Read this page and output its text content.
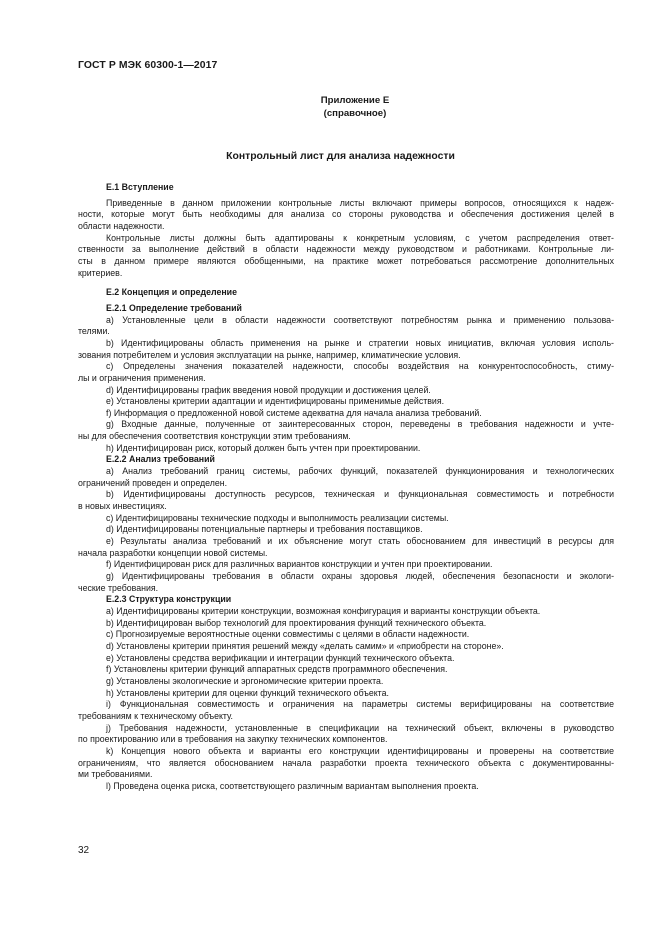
ГОСТ Р МЭК 60300-1—2017
Приложение Е
(справочное)
Контрольный лист для анализа надежности
Е.1 Вступление
Приведенные в данном приложении контрольные листы включают примеры вопросов, относящихся к надеж-
ности, которые могут быть необходимы для анализа со стороны руководства и обеспечения достижения целей в
области надежности.
Контрольные листы должны быть адаптированы к конкретным условиям, с учетом распределения ответ-
ственности за выполнение действий в области надежности между руководством и работниками. Контрольные ли-
сты в данном примере являются обобщенными, на практике может потребоваться рассмотрение дополнительных
критериев.
Е.2 Концепция и определение
Е.2.1 Определение требований
a) Установленные цели в области надежности соответствуют потребностям рынка и применению пользова-
телями.
b) Идентифицированы область применения на рынке и стратегии новых инициатив, включая условия исполь-
зования потребителем и условия эксплуатации на рынке, например, климатические условия.
c) Определены значения показателей надежности, способы воздействия на конкурентоспособность, стиму-
лы и ограничения применения.
d) Идентифицированы график введения новой продукции и достижения целей.
e) Установлены критерии адаптации и идентифицированы применимые действия.
f) Информация о предложенной новой системе адекватна для начала анализа требований.
g) Входные данные, полученные от заинтересованных сторон, переведены в требования надежности и учте-
ны для обеспечения соответствия конструкции этим требованиям.
h) Идентифицирован риск, который должен быть учтен при проектировании.
Е.2.2 Анализ требований
a) Анализ требований границ системы, рабочих функций, показателей функционирования и технологических
ограничений проведен и определен.
b) Идентифицированы доступность ресурсов, техническая и функциональная совместимость и потребности
в новых инвестициях.
c) Идентифицированы технические подходы и выполнимость реализации системы.
d) Идентифицированы потенциальные партнеры и требования поставщиков.
e) Результаты анализа требований и их объяснение могут стать обоснованием для инвестиций в ресурсы для
начала разработки концепции новой системы.
f) Идентифицирован риск для различных вариантов конструкции и учтен при проектировании.
g) Идентифицированы требования в области охраны здоровья людей, обеспечения безопасности и экологи-
ческие требования.
Е.2.3 Структура конструкции
a) Идентифицированы критерии конструкции, возможная конфигурация и варианты конструкции объекта.
b) Идентифицирован выбор технологий для проектирования функций технического объекта.
c) Прогнозируемые вероятностные оценки совместимы с целями в области надежности.
d) Установлены критерии принятия решений между «делать самим» и «приобрести на стороне».
e) Установлены средства верификации и интеграции функций технического объекта.
f) Установлены критерии функций аппаратных средств программного обеспечения.
g) Установлены экологические и эргономические критерии проекта.
h) Установлены критерии для оценки функций технического объекта.
i) Функциональная совместимость и ограничения на параметры системы верифицированы на соответствие
требованиям к техническому объекту.
j) Требования надежности, установленные в спецификации на технический объект, включены в руководство
по проектированию или в требования на закупку технических компонентов.
k) Концепция нового объекта и варианты его конструкции идентифицированы и проверены на соответствие
ограничениям, что является обоснованием начала разработки проекта технического объекта с документированны-
ми требованиями.
l) Проведена оценка риска, соответствующего различным вариантам выполнения проекта.
32
